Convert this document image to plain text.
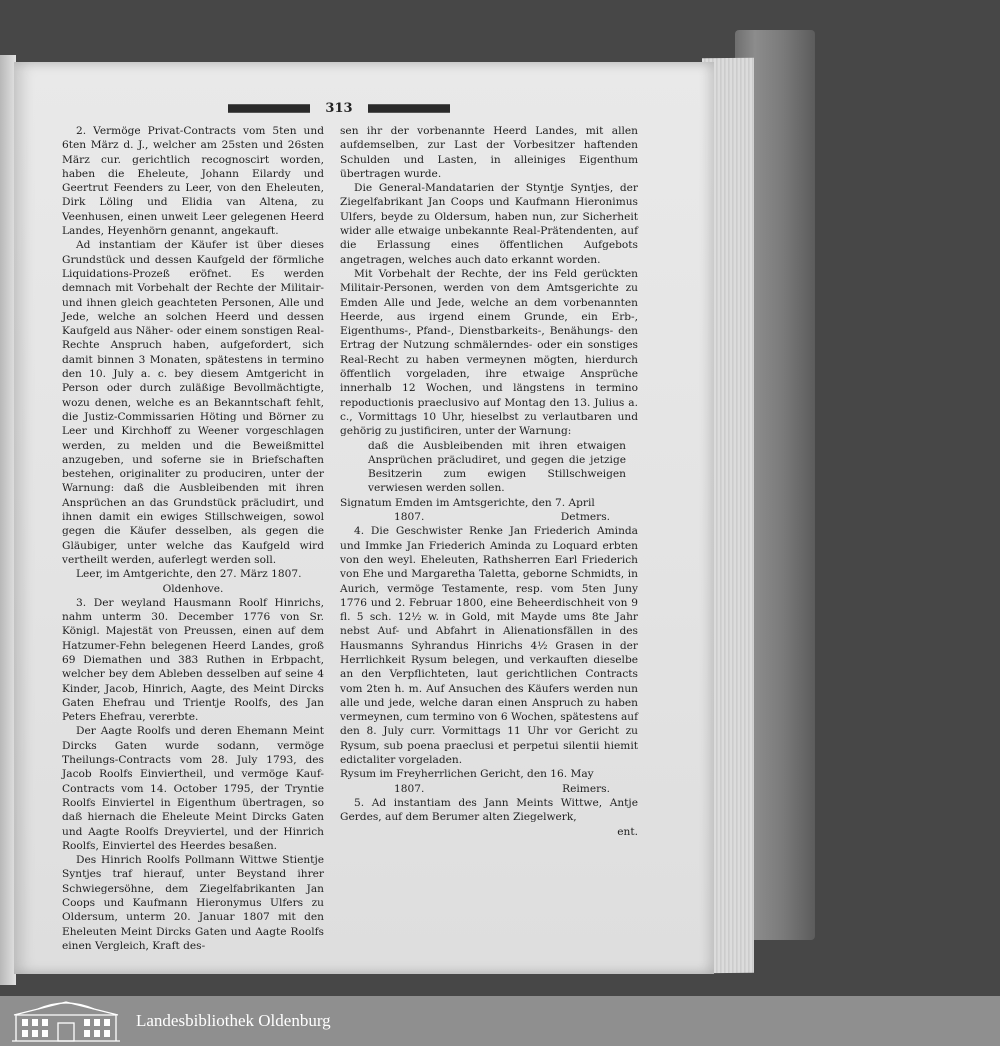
313

2. Vermöge Privat-Contracts vom 5ten und 6ten März d. J., welcher am 25sten und 26sten März cur. gerichtlich recognoscirt worden, haben die Eheleute, Johann Eilardy und Geertrut Feenders zu Leer, von den Eheleuten, Dirk Löling und Elidia van Altena, zu Veenhusen, einen unweit Leer gelegenen Heerd Landes, Heyenhörn genannt, angekauft.

Ad instantiam der Käufer ist über dieses Grundstück und dessen Kaufgeld der förmliche Liquidations-Prozeß eröfnet. Es werden demnach mit Vorbehalt der Rechte der Militair- und ihnen gleich geachteten Personen, Alle und Jede, welche an solchen Heerd und dessen Kaufgeld aus Näher- oder einem sonstigen Real-Rechte Anspruch haben, aufgefordert, sich damit binnen 3 Monaten, spätestens in termino den 10. July a. c. bey diesem Amtgericht in Person oder durch zuläßige Bevollmächtigte, wozu denen, welche es an Bekanntschaft fehlt, die Justiz-Commissarien Höting und Börner zu Leer und Kirchhoff zu Weener vorgeschlagen werden, zu melden und die Beweißmittel anzugeben, und soferne sie in Briefschaften bestehen, originaliter zu produciren, unter der Warnung: daß die Ausbleibenden mit ihren Ansprüchen an das Grundstück präcludirt, und ihnen damit ein ewiges Stillschweigen, sowol gegen die Käufer desselben, als gegen die Gläubiger, unter welche das Kaufgeld wird vertheilt werden, auferlegt werden soll.

Leer, im Amtgerichte, den 27. März 1807.

Oldenhove.

3. Der weyland Hausmann Roolf Hinrichs, nahm unterm 30. December 1776 von Sr. Königl. Majestät von Preussen, einen auf dem Hatzumer-Fehn belegenen Heerd Landes, groß 69 Diemathen und 383 Ruthen in Erbpacht, welcher bey dem Ableben desselben auf seine 4 Kinder, Jacob, Hinrich, Aagte, des Meint Dircks Gaten Ehefrau und Trientje Roolfs, des Jan Peters Ehefrau, vererbte.

Der Aagte Roolfs und deren Ehemann Meint Dircks Gaten wurde sodann, vermöge Theilungs-Contracts vom 28. July 1793, des Jacob Roolfs Einviertheil, und vermöge Kauf-Contracts vom 14. October 1795, der Tryntie Roolfs Einviertel in Eigenthum übertragen, so daß hiernach die Eheleute Meint Dircks Gaten und Aagte Roolfs Dreyviertel, und der Hinrich Roolfs, Einviertel des Heerdes besaßen.

Des Hinrich Roolfs Pollmann Wittwe Stientje Syntjes traf hierauf, unter Beystand ihrer Schwiegersöhne, dem Ziegelfabrikanten Jan Coops und Kaufmann Hieronymus Ulfers zu Oldersum, unterm 20. Januar 1807 mit den Eheleuten Meint Dircks Gaten und Aagte Roolfs einen Vergleich, Kraft des-

sen ihr der vorbenannte Heerd Landes, mit allen aufdemselben, zur Last der Vorbesitzer haftenden Schulden und Lasten, in alleiniges Eigenthum übertragen wurde.

Die General-Mandatarien der Styntje Syntjes, der Ziegelfabrikant Jan Coops und Kaufmann Hieronimus Ulfers, beyde zu Oldersum, haben nun, zur Sicherheit wider alle etwaige unbekannte Real-Prätendenten, auf die Erlassung eines öffentlichen Aufgebots angetragen, welches auch dato erkannt worden.

Mit Vorbehalt der Rechte, der ins Feld gerückten Militair-Personen, werden von dem Amtsgerichte zu Emden Alle und Jede, welche an dem vorbenannten Heerde, aus irgend einem Grunde, ein Erb-, Eigenthums-, Pfand-, Dienstbarkeits-, Benähungs- den Ertrag der Nutzung schmälerndes- oder ein sonstiges Real-Recht zu haben vermeynen mögten, hierdurch öffentlich vorgeladen, ihre etwaige Ansprüche innerhalb 12 Wochen, und längstens in termino repoductionis praeclusivo auf Montag den 13. Julius a. c., Vormittags 10 Uhr, hieselbst zu verlautbaren und gehörig zu justificiren, unter der Warnung:

daß die Ausbleibenden mit ihren etwaigen Ansprüchen präcludiret, und gegen die jetzige Besitzerin zum ewigen Stillschweigen verwiesen werden sollen.

Signatum Emden im Amtsgerichte, den 7. April

1807.	Detmers.

4. Die Geschwister Renke Jan Friederich Aminda und Immke Jan Friederich Aminda zu Loquard erbten von den weyl. Eheleuten, Rathsherren Earl Friederich von Ehe und Margaretha Taletta, geborne Schmidts, in Aurich, vermöge Testamente, resp. vom 5ten Juny 1776 und 2. Februar 1800, eine Beheerdischheit von 9 fl. 5 sch. 12½ w. in Gold, mit Mayde ums 8te Jahr nebst Auf- und Abfahrt in Alienationsfällen in des Hausmanns Syhrandus Hinrichs 4½ Grasen in der Herrlichkeit Rysum belegen, und verkauften dieselbe an den Verpflichteten, laut gerichtlichen Contracts vom 2ten h. m. Auf Ansuchen des Käufers werden nun alle und jede, welche daran einen Anspruch zu haben vermeynen, cum termino von 6 Wochen, spätestens auf den 8. July curr. Vormittags 11 Uhr vor Gericht zu Rysum, sub poena praeclusi et perpetui silentii hiemit edictaliter vorgeladen.

Rysum im Freyherrlichen Gericht, den 16. May

1807.	Reimers.

5. Ad instantiam des Jann Meints Wittwe, Antje Gerdes, auf dem Berumer alten Ziegelwerk,

ent.

Landesbibliothek Oldenburg
